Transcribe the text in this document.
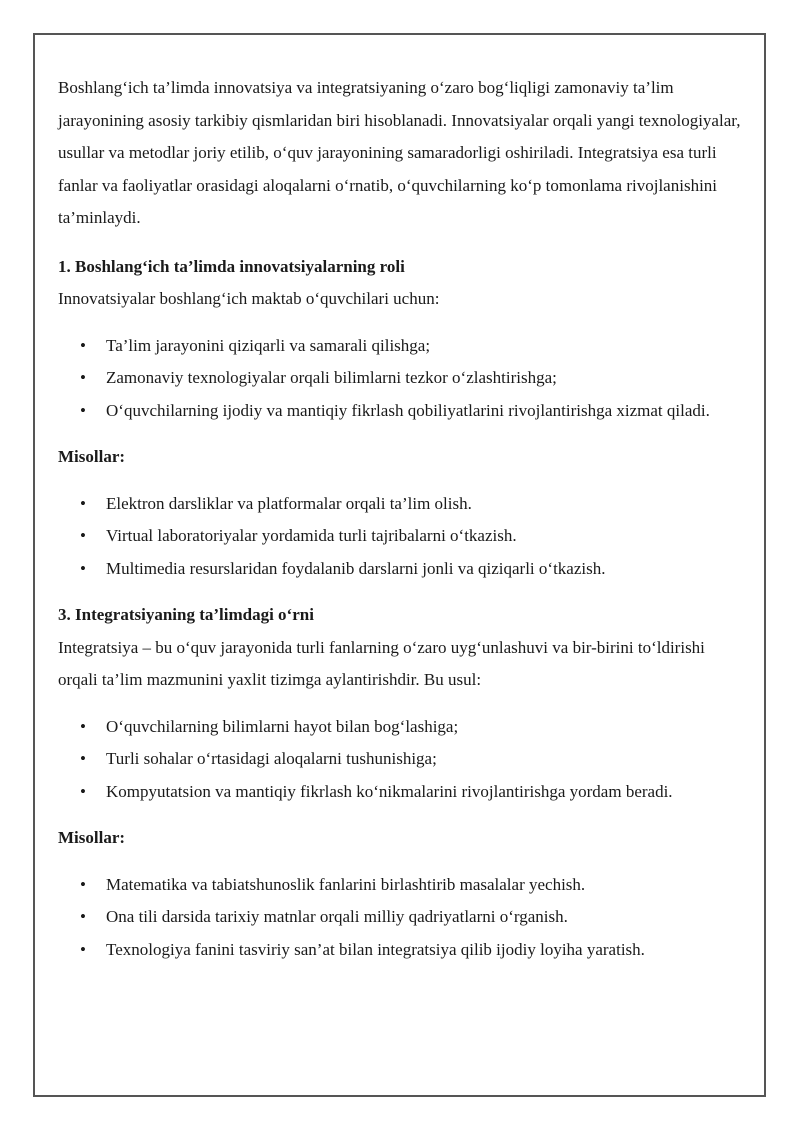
Boshlang‘ich ta’limda innovatsiya va integratsiyaning o‘zaro bog‘liqligi zamonaviy ta’lim jarayonining asosiy tarkibiy qismlaridan biri hisoblanadi. Innovatsiyalar orqali yangi texnologiyalar, usullar va metodlar joriy etilib, o‘quv jarayonining samaradorligi oshiriladi. Integratsiya esa turli fanlar va faoliyatlar orasidagi aloqalarni o‘rnatib, o‘quvchilarning ko‘p tomonlama rivojlanishini ta’minlaydi.

1. Boshlang‘ich ta’limda innovatsiyalarning roli

Innovatsiyalar boshlang‘ich maktab o‘quvchilari uchun:

• Ta’lim jarayonini qiziqarli va samarali qilishga;
• Zamonaviy texnologiyalar orqali bilimlarni tezkor o‘zlashtirishga;
• O‘quvchilarning ijodiy va mantiqiy fikrlash qobiliyatlarini rivojlantirishga xizmat qiladi.

Misollar:

• Elektron darsliklar va platformalar orqali ta’lim olish.
• Virtual laboratoriyalar yordamida turli tajribalarni o‘tkazish.
• Multimedia resurslaridan foydalanib darslarni jonli va qiziqarli o‘tkazish.

3. Integratsiyaning ta’limdagi o‘rni

Integratsiya – bu o‘quv jarayonida turli fanlarning o‘zaro uyg‘unlashuvi va bir-birini to‘ldirishi orqali ta’lim mazmunini yaxlit tizimga aylantirishdir. Bu usul:

• O‘quvchilarning bilimlarni hayot bilan bog‘lashiga;
• Turli sohalar o‘rtasidagi aloqalarni tushunishiga;
• Kompyutatsion va mantiqiy fikrlash ko‘nikmalarini rivojlantirishga yordam beradi.

Misollar:

• Matematika va tabiatshunoslik fanlarini birlashtirib masalalar yechish.
• Ona tili darsida tarixiy matnlar orqali milliy qadriyatlarni o‘rganish.
• Texnologiya fanini tasviriy san’at bilan integratsiya qilib ijodiy loyiha yaratish.
